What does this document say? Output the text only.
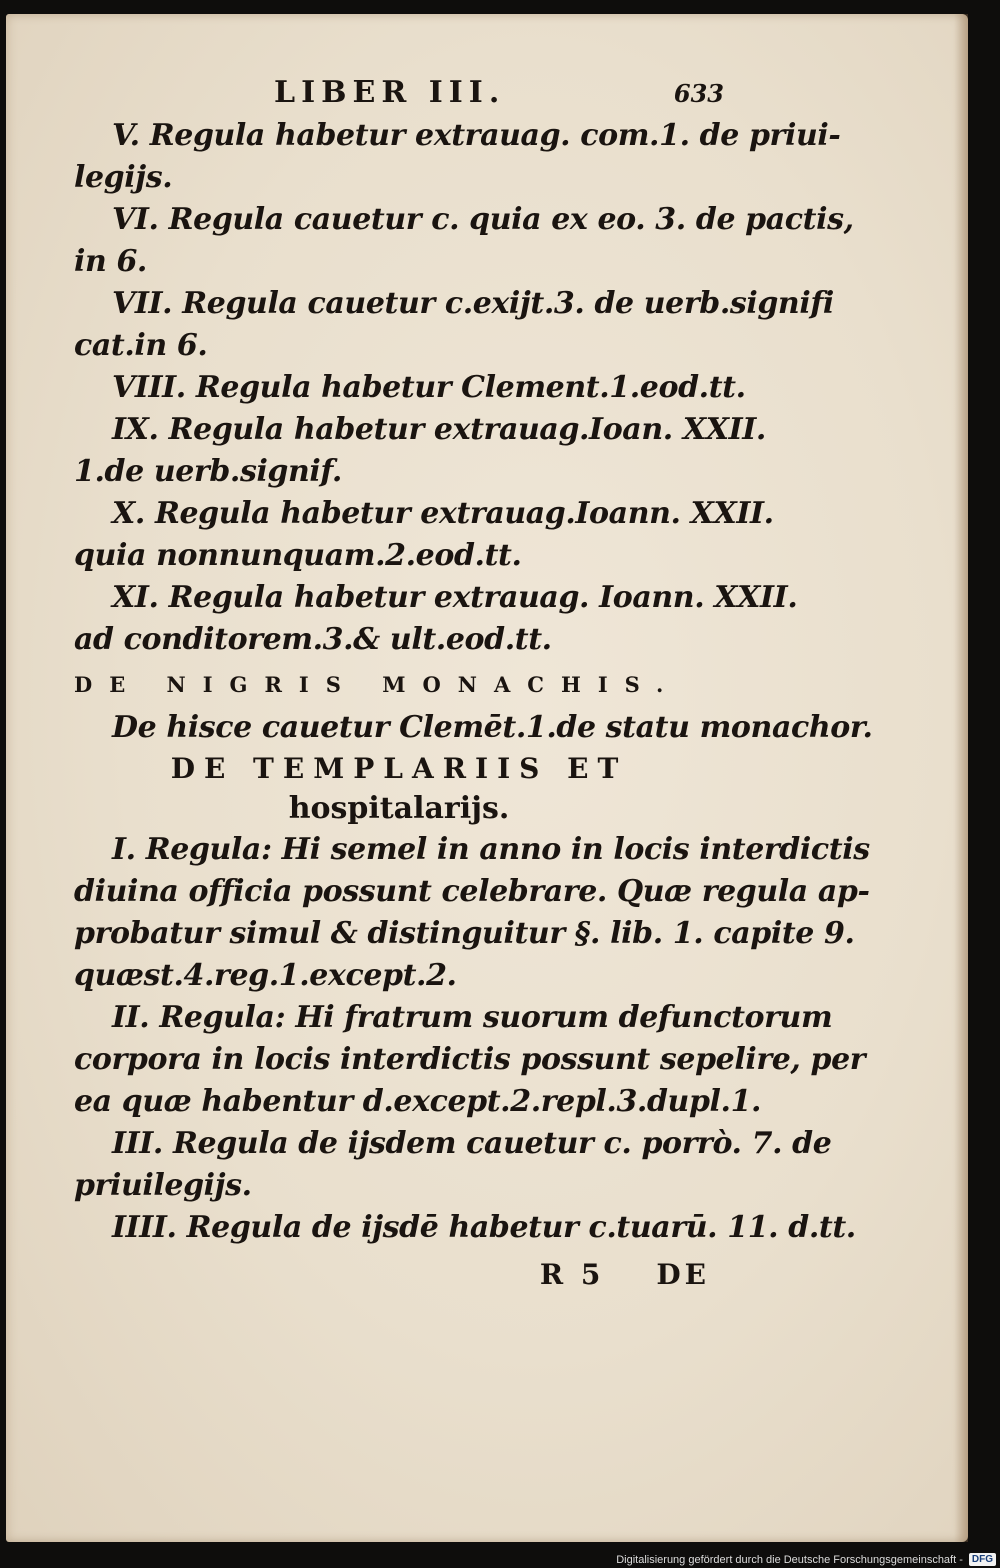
LIBER III.	633
V. Regula habetur extrauag. com.1. de priui-
legijs.
VI. Regula cauetur c. quia ex eo. 3. de pactis,
in 6.
VII. Regula cauetur c.exijt.3. de uerb.signifi
cat.in 6.
VIII. Regula habetur Clement.1.eod.tt.
IX. Regula habetur extrauag.Ioan. XXII.
1.de uerb.signif.
X. Regula habetur extrauag.Ioann. XXII.
quia nonnunquam.2.eod.tt.
XI. Regula habetur extrauag. Ioann. XXII.
ad conditorem.3.& ult.eod.tt.
DE NIGRIS MONACHIS.
De hisce cauetur Clemēt.1.de statu monachor.
DE TEMPLARIIS ET
hospitalarijs.
I. Regula: Hi semel in anno in locis interdictis
diuina officia possunt celebrare. Quæ regula ap-
probatur simul & distinguitur §. lib. 1. capite 9.
quæst.4.reg.1.except.2.
II. Regula: Hi fratrum suorum defunctorum
corpora in locis interdictis possunt sepelire, per
ea quæ habentur d.except.2.repl.3.dupl.1.
III. Regula de ijsdem cauetur c. porrò. 7. de
priuilegijs.
IIII. Regula de ijsdē habetur c.tuarū. 11. d.tt.
R 5 DE
Digitalisierung gefördert durch die Deutsche Forschungsgemeinschaft - DFG
